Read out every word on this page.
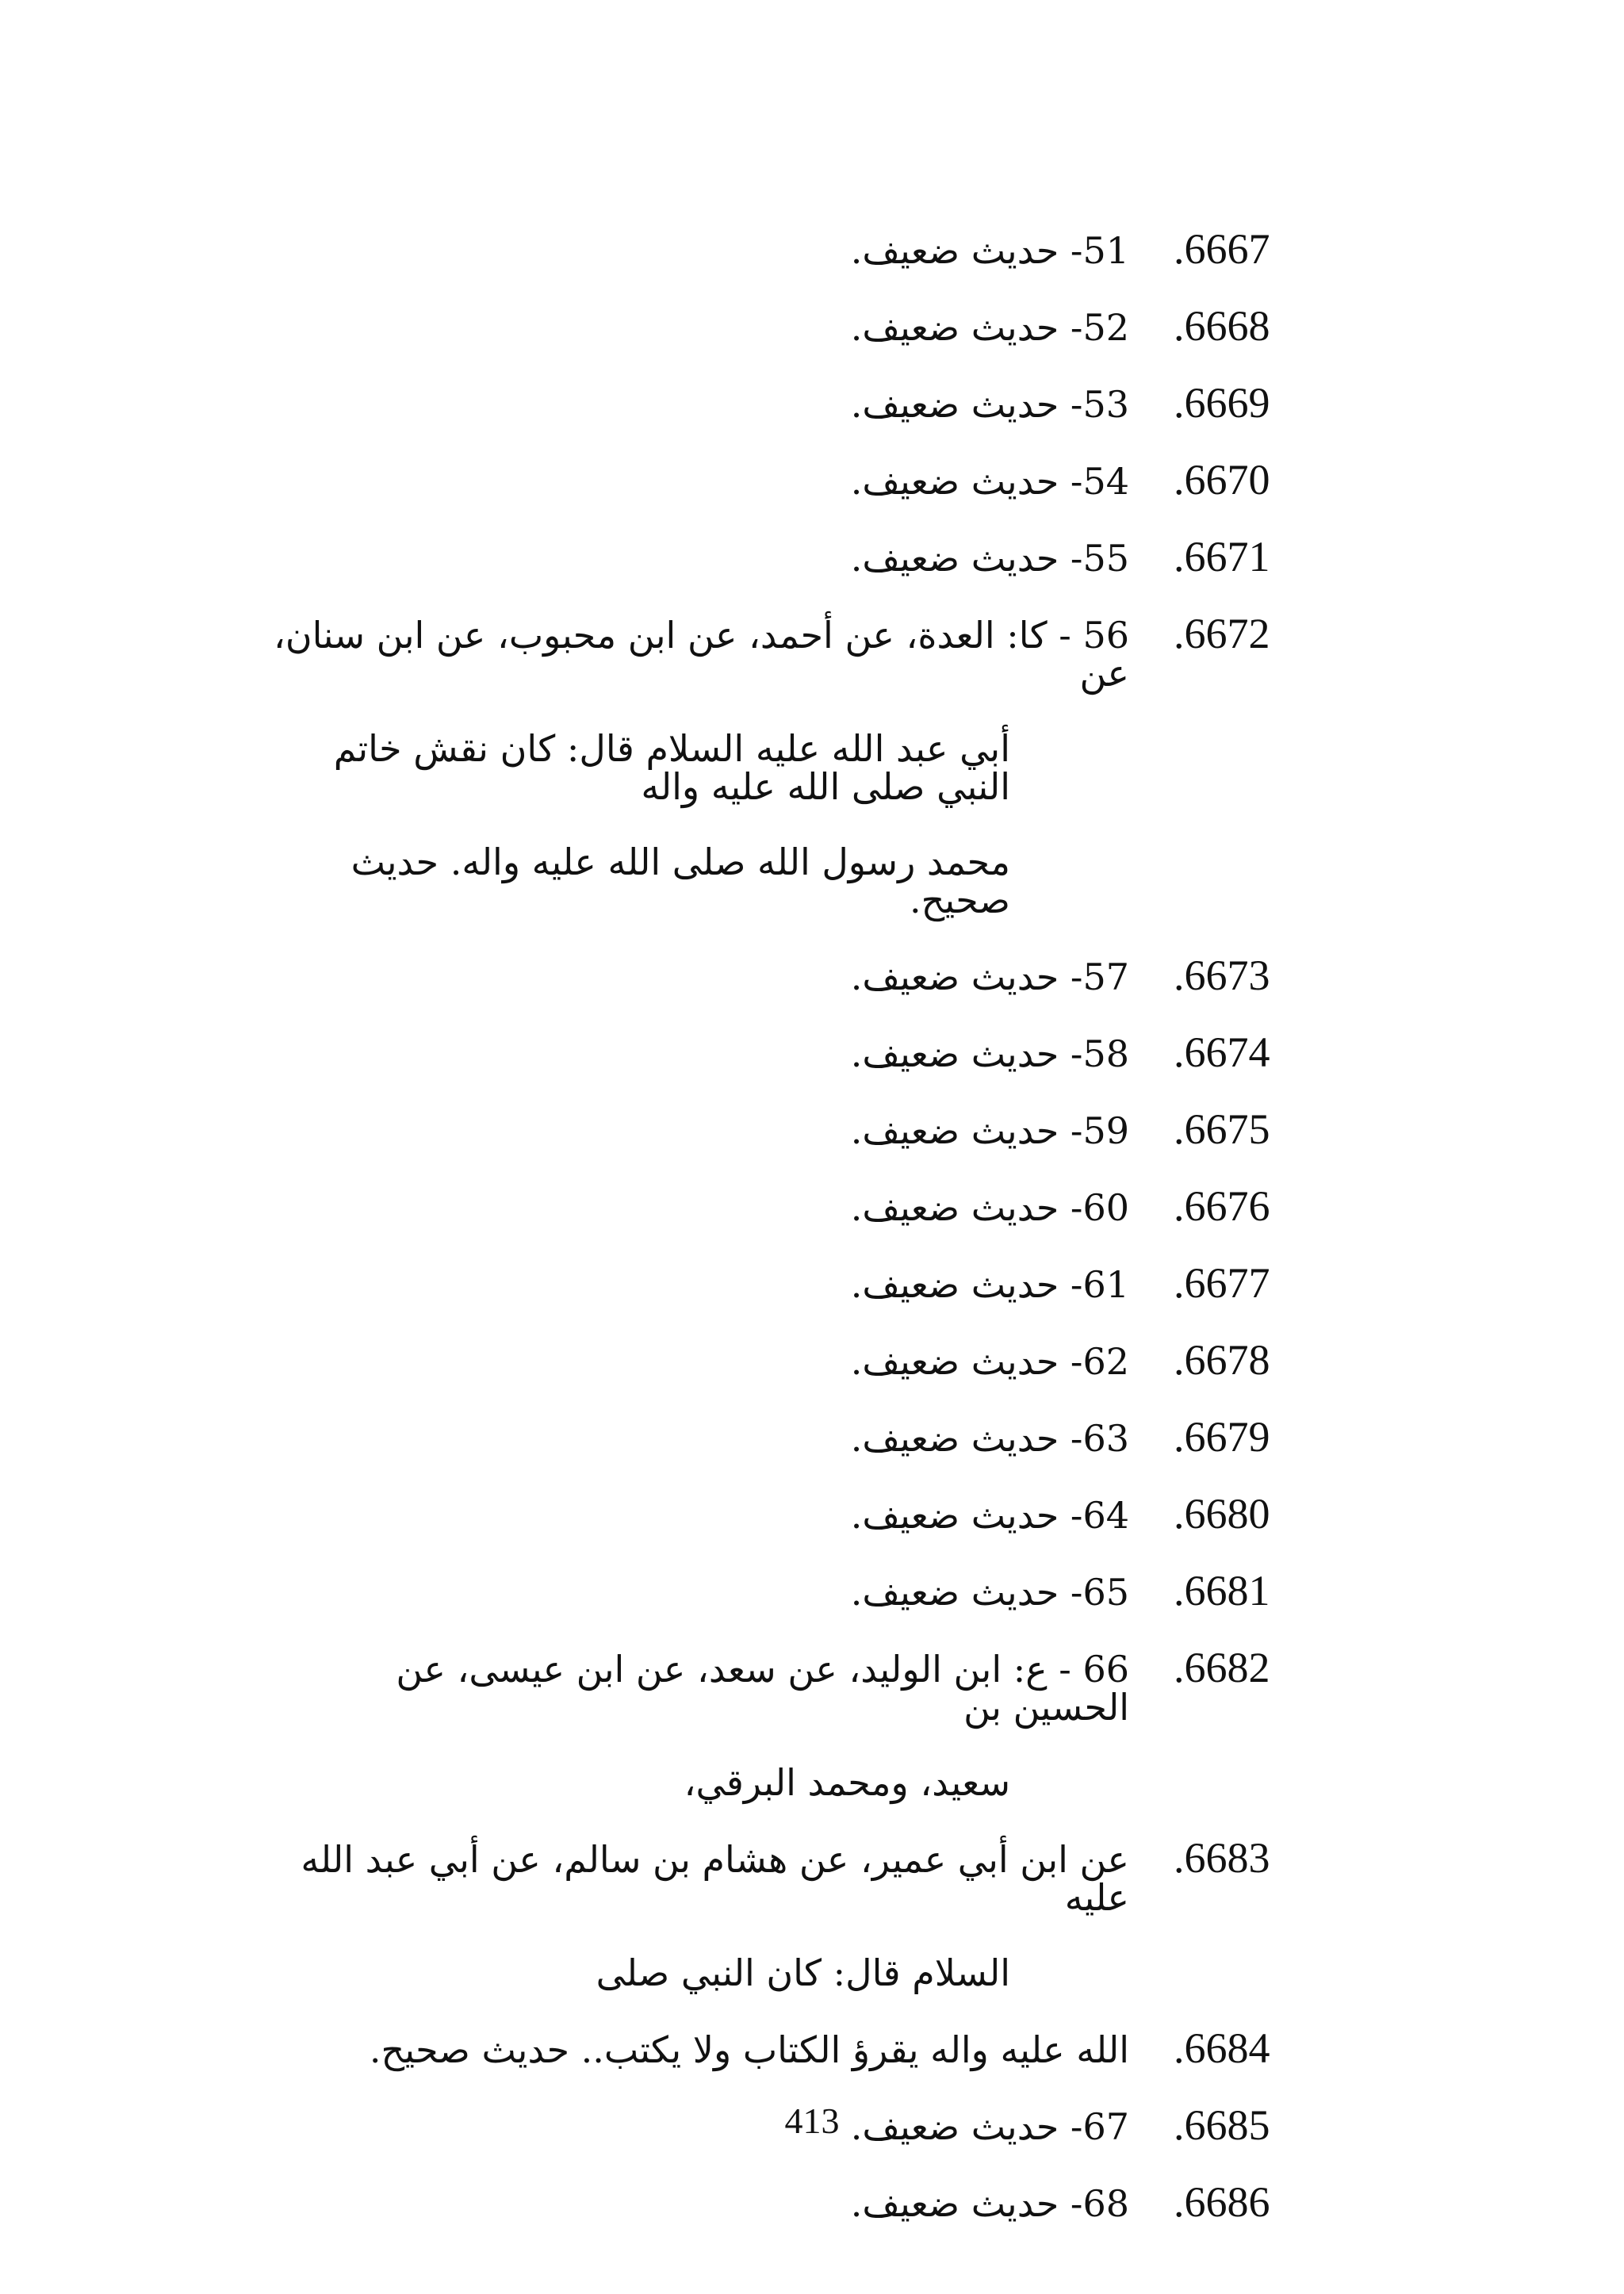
.6667
51- حديث ضعيف.
.6668
52- حديث ضعيف.
.6669
53- حديث ضعيف.
.6670
54- حديث ضعيف.
.6671
55- حديث ضعيف.
.6672
56 - كا: العدة، عن أحمد، عن ابن محبوب، عن ابن سنان، عن
أبي عبد الله عليه السلام قال: كان نقش خاتم النبي صلى الله عليه واله
محمد رسول الله صلى الله عليه واله. حديث صحيح.
.6673
57- حديث ضعيف.
.6674
58- حديث ضعيف.
.6675
59- حديث ضعيف.
.6676
60- حديث ضعيف.
.6677
61- حديث ضعيف.
.6678
62- حديث ضعيف.
.6679
63- حديث ضعيف.
.6680
64- حديث ضعيف.
.6681
65- حديث ضعيف.
.6682
66 - ع: ابن الوليد، عن سعد، عن ابن عيسى، عن الحسين بن
سعيد، ومحمد البرقي،
.6683
عن ابن أبي عمير، عن هشام بن سالم، عن أبي عبد الله عليه
السلام قال: كان النبي صلى
.6684
الله عليه واله يقرؤ الكتاب ولا يكتب.. حديث صحيح.
.6685
67- حديث ضعيف.
.6686
68- حديث ضعيف.
413
